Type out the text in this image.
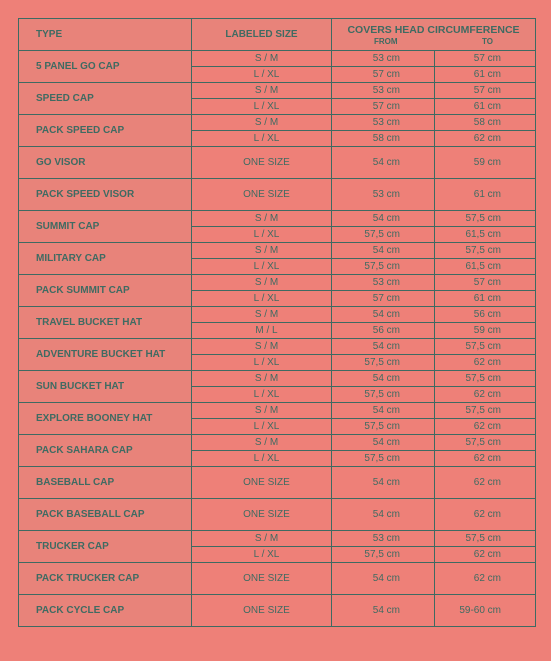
TYPE	LABELED SIZE	COVERS HEAD CIRCUMFERENCE
FROM TO	

5 PANEL GO CAP	S / M	53 cm	57 cm
	L / XL	57 cm	61 cm
SPEED CAP	S / M	53 cm	57 cm
	L / XL	57 cm	61 cm
PACK SPEED CAP	S / M	53 cm	58 cm
	L / XL	58 cm	62 cm
GO VISOR	ONE SIZE	54 cm	59 cm
PACK SPEED VISOR	ONE SIZE	53 cm	61 cm
SUMMIT CAP	S / M	54 cm	57,5 cm
	L / XL	57,5 cm	61,5 cm
MILITARY CAP	S / M	54 cm	57,5 cm
	L / XL	57,5 cm	61,5 cm
PACK SUMMIT CAP	S / M	53 cm	57 cm
	L / XL	57 cm	61 cm
TRAVEL BUCKET HAT	S / M	54 cm	56 cm
	M / L	56 cm	59 cm
ADVENTURE BUCKET HAT	S / M	54 cm	57,5 cm
	L / XL	57,5 cm	62 cm
SUN BUCKET HAT	S / M	54 cm	57,5 cm
	L / XL	57,5 cm	62 cm
EXPLORE BOONEY HAT	S / M	54 cm	57,5 cm
	L / XL	57,5 cm	62 cm
PACK SAHARA CAP	S / M	54 cm	57,5 cm
	L / XL	57,5 cm	62 cm
BASEBALL CAP	ONE SIZE	54 cm	62 cm
PACK BASEBALL CAP	ONE SIZE	54 cm	62 cm
TRUCKER CAP	S / M	53 cm	57,5 cm
	L / XL	57,5 cm	62 cm
PACK TRUCKER CAP	ONE SIZE	54 cm	62 cm
PACK CYCLE CAP	ONE SIZE	54 cm	59-60 cm
